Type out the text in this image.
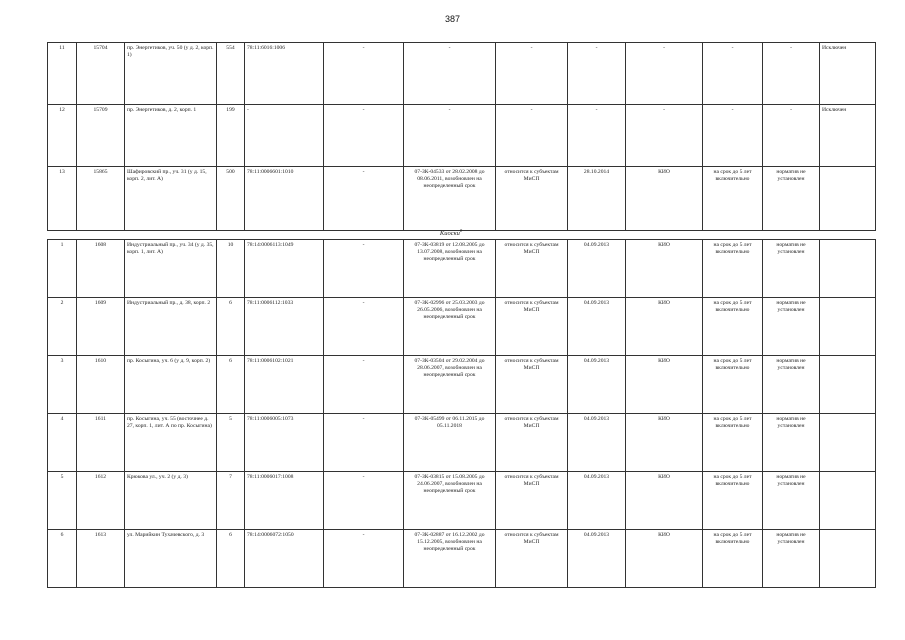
387
11	15704	пр. Энергетиков, уч. 50 (у д. 2, корп. 1)	554	78:11:6016:1006	-	-	-	-	-	-	-	Исключен
12	15709	пр. Энергетиков, д. 2, корп. 1	199	-	-	-	-	-	-	-	-	Исключен
13	15865	Шафировский пр., уч. 31 (у д. 15, корп. 2, лит. А)	500	78:11:0006601:1010	-	07-ЗК-04533 от 28.02.2008 до 08.06.2011, возобновлен на неопределенный срок	относится к субъектам МиСП	28.10.2014	КИО	на срок до 5 лет включительно	норматив не установлен	
Киоски$^8$
1	1608	Индустриальный пр., уч. 34 (у д. 35, корп. 1, лит. А)	10	78:14:0006113:1049	-	07-ЗК-03819 от 12.08.2005 до 13.07.2008, возобновлен на неопределенный срок	относится к субъектам МиСП	04.09.2013	КИО	на срок до 5 лет включительно	норматив не установлен	
2	1609	Индустриальный пр., д. 38, корп. 2	6	78:11:0006112:1033	-	07-ЗК-02996 от 25.03.2003 до 26.05.2006, возобновлен на неопределенный срок	относится к субъектам МиСП	04.09.2013	КИО	на срок до 5 лет включительно	норматив не установлен	
3	1610	пр. Косыгина, уч. 6 (у д. 9, корп. 2)	6	78:11:0006102:1021	-	07-ЗК-03504 от 29.02.2004 до 28.06.2007, возобновлен на неопределенный срок	относится к субъектам МиСП	04.09.2013	КИО	на срок до 5 лет включительно	норматив не установлен	
4	1611	пр. Косыгина, уч. 55 (восточнее д. 27, корп. 1, лит. А по пр. Косыгина)	5	78:11:0006005:1073	-	07-ЗК-05499 от 06.11.2015 до 05.11.2018	относится к субъектам МиСП	04.09.2013	КИО	на срок до 5 лет включительно	норматив не установлен	
5	1612	Крюкова ул., уч. 2 (у д. 3)	7	78:11:0006017:1008	-	07-ЗК-03815 от 15.08.2005 до 24.06.2007, возобновлен на неопределенный срок	относится к субъектам МиСП	04.09.2013	КИО	на срок до 5 лет включительно	норматив не установлен	
6	1613	ул. Марийкин Тухачевского, д. 3	6	78:14:0006072:1050	-	07-ЗК-02887 от 16.12.2002 до 15.12.2005, возобновлен на неопределенный срок	относится к субъектам МиСП	04.09.2013	КИО	на срок до 5 лет включительно	норматив не установлен	
